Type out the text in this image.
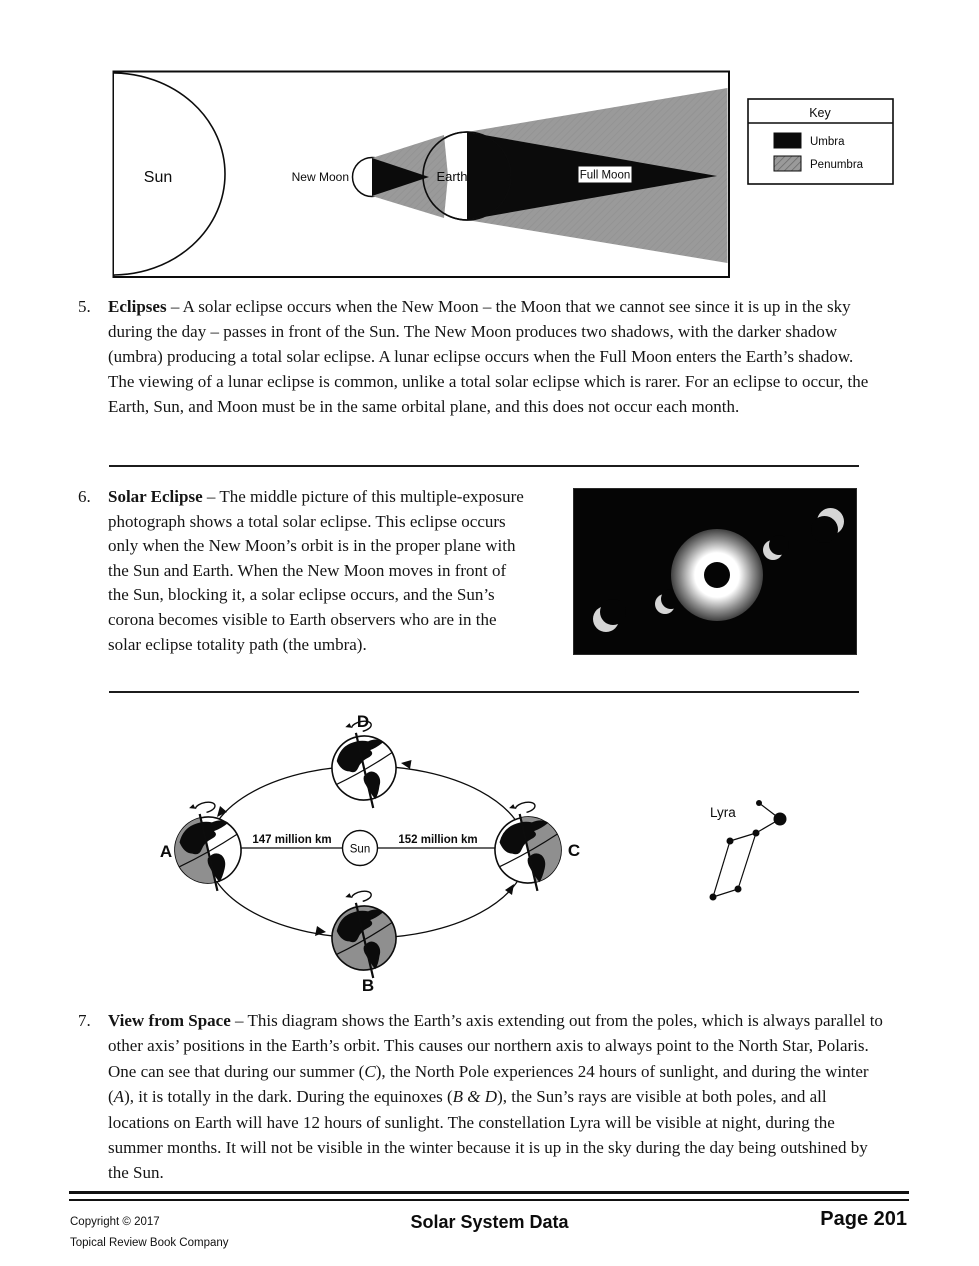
Sun	New Moon	Earth	Full Moon
Key
Umbra
Penumbra
5.	Eclipses – A solar eclipse occurs when the New Moon – the Moon that we cannot see since it is up in the sky during the day – passes in front of the Sun. The New Moon produces two shadows, with the darker shadow (umbra) producing a total solar eclipse. A lunar eclipse occurs when the Full Moon enters the Earth’s shadow. The viewing of a lunar eclipse is common, unlike a total solar eclipse which is rarer. For an eclipse to occur, the Earth, Sun, and Moon must be in the same orbital plane, and this does not occur each month.
6.	Solar Eclipse – The middle picture of this multiple-exposure photograph shows a total solar eclipse. This eclipse occurs only when the New Moon’s orbit is in the proper plane with the Sun and Earth. When the New Moon moves in front of the Sun, blocking it, a solar eclipse occurs, and the Sun’s corona becomes visible to Earth observers who are in the solar eclipse totality path (the umbra).
147 million km	152 million km
Sun
A
B
C
D
Lyra
7.	View from Space – This diagram shows the Earth’s axis extending out from the poles, which is always parallel to other axis’ positions in the Earth’s orbit. This causes our northern axis to always point to the North Star, Polaris. One can see that during our summer (C), the North Pole experiences 24 hours of sunlight, and during the winter (A), it is totally in the dark. During the equinoxes (B & D), the Sun’s rays are visible at both poles, and all locations on Earth will have 12 hours of sunlight. The constellation Lyra will be visible at night, during the summer months. It will not be visible in the winter because it is up in the sky during the day being outshined by the Sun.
Copyright © 2017
Topical Review Book Company
Solar System Data	Page 201
